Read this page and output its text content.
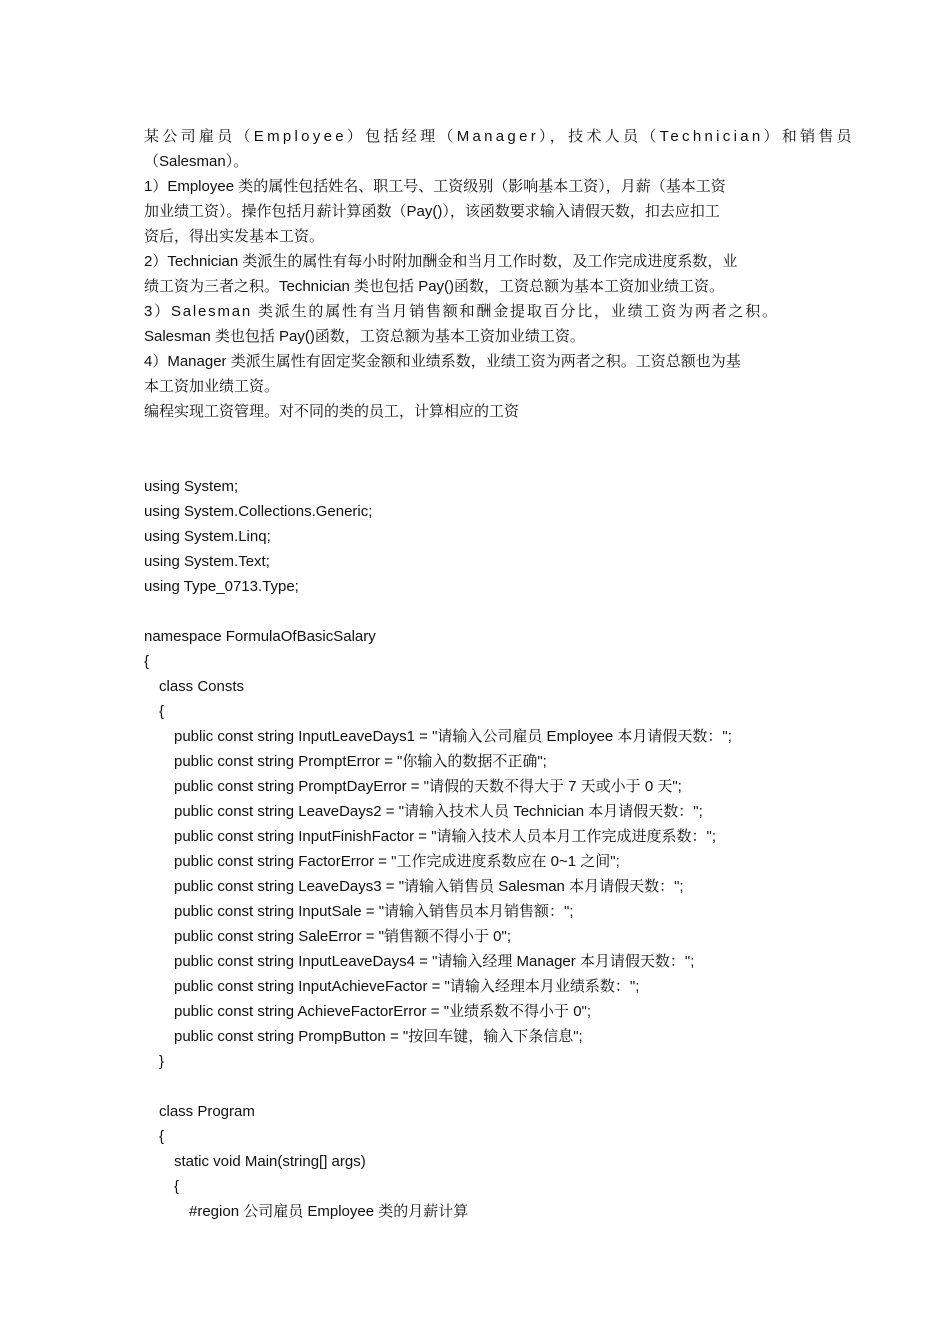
某公司雇员（Employee）包括经理（Manager），技术人员（Technician）和销售员
（Salesman）。
1）Employee 类的属性包括姓名、职工号、工资级别（影响基本工资），月薪（基本工资
加业绩工资）。操作包括月薪计算函数（Pay()），该函数要求输入请假天数，扣去应扣工
资后，得出实发基本工资。
2）Technician 类派生的属性有每小时附加酬金和当月工作时数，及工作完成进度系数，业
绩工资为三者之积。Technician 类也包括 Pay()函数，工资总额为基本工资加业绩工资。
3）Salesman 类派生的属性有当月销售额和酬金提取百分比，业绩工资为两者之积。
Salesman 类也包括 Pay()函数，工资总额为基本工资加业绩工资。
4）Manager 类派生属性有固定奖金额和业绩系数，业绩工资为两者之积。工资总额也为基
本工资加业绩工资。
编程实现工资管理。对不同的类的员工，计算相应的工资
using System;
using System.Collections.Generic;
using System.Linq;
using System.Text;
using Type_0713.Type;
namespace FormulaOfBasicSalary
{
class Consts
{
public const string InputLeaveDays1 = "请输入公司雇员 Employee 本月请假天数：";
public const string PromptError = "你输入的数据不正确";
public const string PromptDayError = "请假的天数不得大于 7 天或小于 0 天";
public const string LeaveDays2 = "请输入技术人员 Technician 本月请假天数：";
public const string InputFinishFactor = "请输入技术人员本月工作完成进度系数：";
public const string FactorError = "工作完成进度系数应在 0~1 之间";
public const string LeaveDays3 = "请输入销售员 Salesman 本月请假天数：";
public const string InputSale = "请输入销售员本月销售额：";
public const string SaleError = "销售额不得小于 0";
public const string InputLeaveDays4 = "请输入经理 Manager 本月请假天数：";
public const string InputAchieveFactor = "请输入经理本月业绩系数：";
public const string AchieveFactorError = "业绩系数不得小于 0";
public const string PrompButton = "按回车键，输入下条信息";
}
class Program
{
static void Main(string[] args)
{
#region 公司雇员 Employee 类的月薪计算
